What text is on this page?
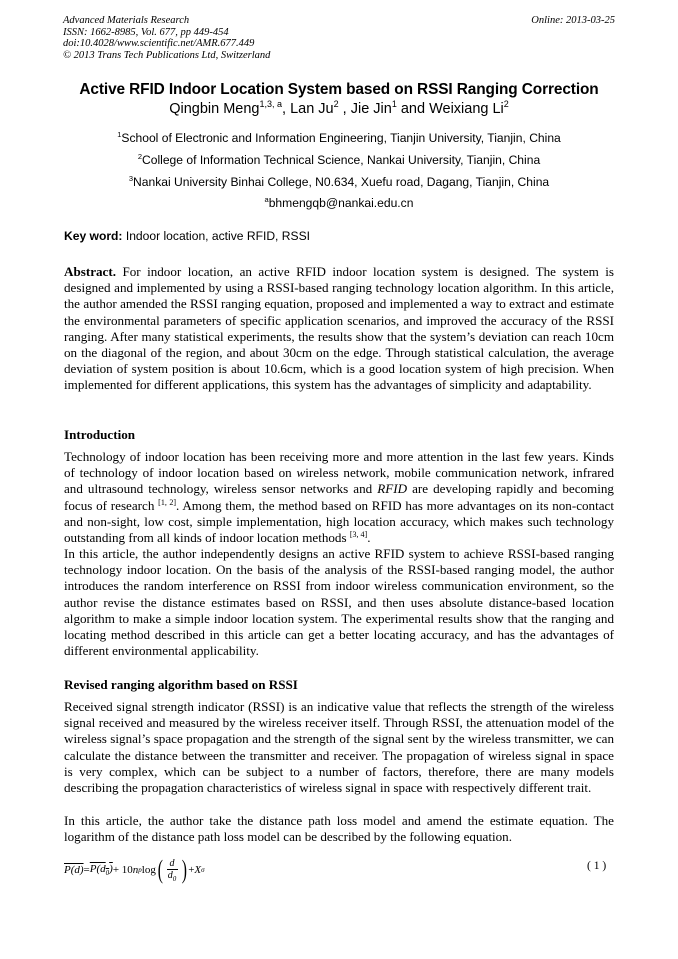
Advanced Materials Research
ISSN: 1662-8985, Vol. 677, pp 449-454
doi:10.4028/www.scientific.net/AMR.677.449
© 2013 Trans Tech Publications Ltd, Switzerland
Online: 2013-03-25
Active RFID Indoor Location System based on RSSI Ranging Correction
Qingbin Meng$^{1,3, a}$, Lan Ju$^2$ , Jie Jin$^1$ and Weixiang Li$^2$
$^1$School of Electronic and Information Engineering, Tianjin University, Tianjin, China
$^2$College of Information Technical Science, Nankai University, Tianjin, China
$^3$Nankai University Binhai College, N0.634, Xuefu road, Dagang, Tianjin, China
$^a$bhmengqb@nankai.edu.cn
Key word: Indoor location, active RFID, RSSI
Abstract. For indoor location, an active RFID indoor location system is designed. The system is designed and implemented by using a RSSI-based ranging technology location algorithm. In this article, the author amended the RSSI ranging equation, proposed and implemented a way to extract and estimate the environmental parameters of specific application scenarios, and improved the accuracy of the RSSI ranging. After many statistical experiments, the results show that the system’s deviation can reach 10cm on the diagonal of the region, and about 30cm on the edge. Through statistical calculation, the average deviation of system position is about 10.6cm, which is a good location system of high precision. When implemented for different applications, this system has the advantages of simplicity and adaptability.
Introduction
Technology of indoor location has been receiving more and more attention in the last few years. Kinds of technology of indoor location based on wireless network, mobile communication network, infrared and ultrasound technology, wireless sensor networks and RFID are developing rapidly and becoming focus of research [1, 2]. Among them, the method based on RFID has more advantages on its non-contact and non-sight, low cost, simple implementation, high location accuracy, which makes such technology outstanding from all kinds of indoor location methods [3, 4].
In this article, the author independently designs an active RFID system to achieve RSSI-based ranging technology indoor location. On the basis of the analysis of the RSSI-based ranging model, the author introduces the random interference on RSSI from indoor wireless communication environment, so the author revise the distance estimates based on RSSI, and then uses absolute distance-based location algorithm to make a simple indoor location system. The experimental results show that the ranging and locating method described in this article can get a better locating accuracy, and has the advantages of different environmental applicability.
Revised ranging algorithm based on RSSI
Received signal strength indicator (RSSI) is an indicative value that reflects the strength of the wireless signal received and measured by the wireless receiver itself. Through RSSI, the attenuation model of the wireless signal’s space propagation and the strength of the signal sent by the wireless transmitter, we can calculate the distance between the transmitter and receiver. The propagation of wireless signal in space is very complex, which can be subject to a number of factors, therefore, there are many models describing the propagation characteristics of wireless signal in space with respectively different trait.
In this article, the author take the distance path loss model and amend the estimate equation. The logarithm of the distance path loss model can be described by the following equation.
$P(d) = P(d_0) + 10$ n p log ( $\frac{d}{d_0}$ ) + X σ	( 1 )
